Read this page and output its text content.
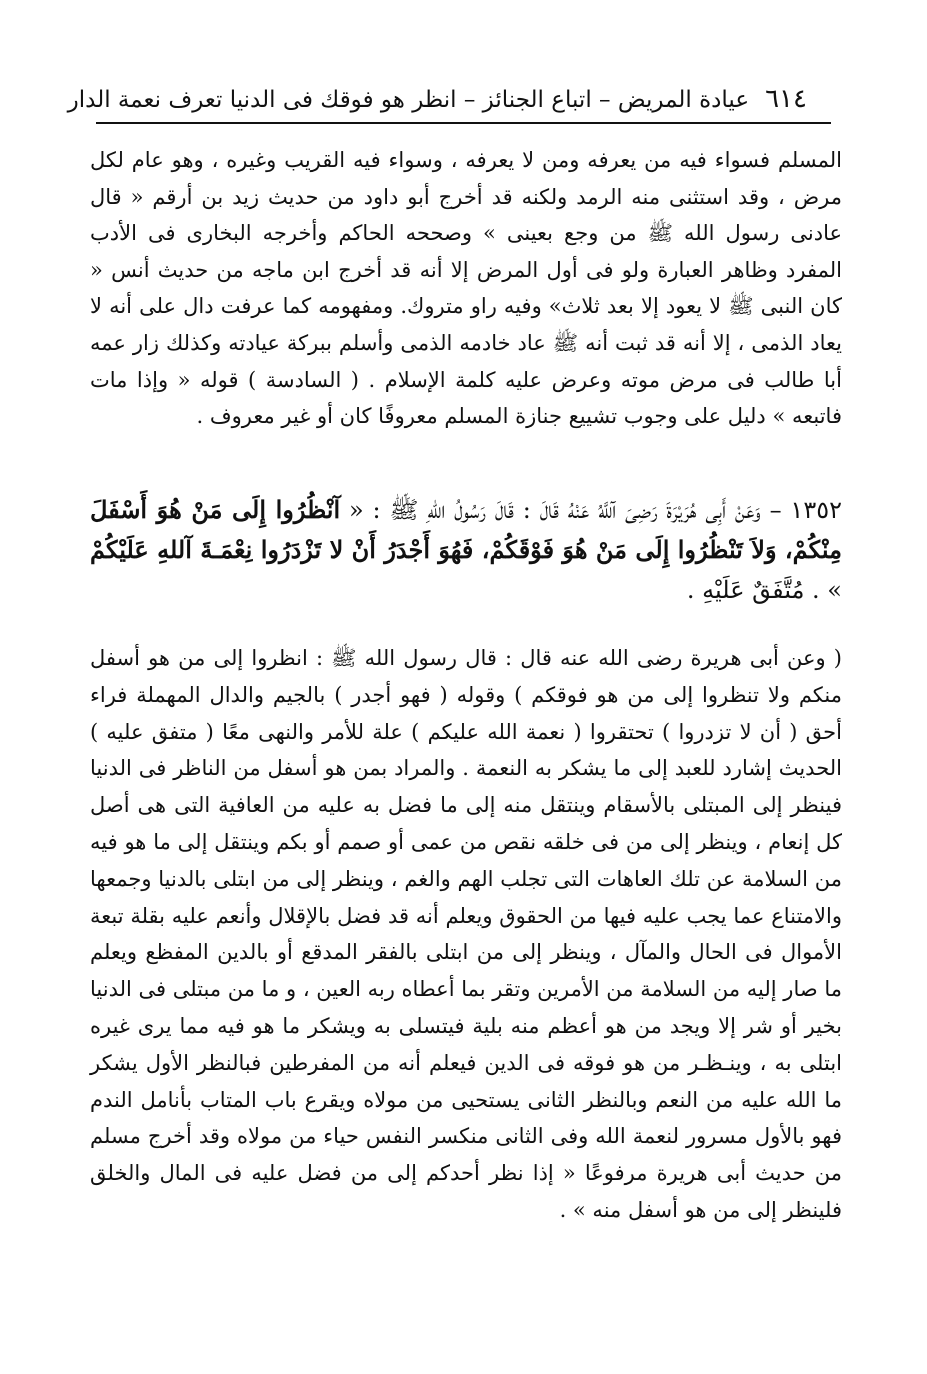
٦١٤
عيادة المريض – اتباع الجنائز – انظر هو فوقك فى الدنيا تعرف نعمة الدار

المسلم فسواء فيه من يعرفه ومن لا يعرفه ، وسواء فيه القريب وغيره ، وهو عام لكل مرض ، وقد استثنى منه الرمد ولكنه قد أخرج أبو داود من حديث زيد بن أرقم « قال عادنى رسول الله ﷺ من وجع بعينى » وصححه الحاكم وأخرجه البخارى فى الأدب المفرد وظاهر العبارة ولو فى أول المرض إلا أنه قد أخرج ابن ماجه من حديث أنس « كان النبى ﷺ لا يعود إلا بعد ثلاث» وفيه راو متروك. ومفهومه كما عرفت دال على أنه لا يعاد الذمى ، إلا أنه قد ثبت أنه ﷺ عاد خادمه الذمى وأسلم ببركة عيادته وكذلك زار عمه أبا طالب فى مرض موته وعرض عليه كلمة الإسلام . ( السادسة ) قوله « وإذا مات فاتبعه » دليل على وجوب تشييع جنازة المسلم معروفًا كان أو غير معروف .

١٣٥٢ – وَعَنْ أَبِى هُرَيْرَةَ رَضِىَ آللَّهُ عَنْهُ قَالَ : قَالَ رَسُولُ اللهِ ﷺ : « آنْظُرُوا إِلَى مَنْ هُوَ أَسْفَلَ مِنْكُمْ، وَلاَ تَنْظُرُوا إِلَى مَنْ هُوَ فَوْقَكُمْ، فَهُوَ أَجْدَرُ أَنْ لا تَزْدَرُوا نِعْمَـةَ آللهِ عَلَيْكُمْ » . مُتَّفَقٌ عَلَيْهِ .

( وعن أبى هريرة رضى الله عنه قال : قال رسول الله ﷺ : انظروا إلى من هو أسفل منكم ولا تنظروا إلى من هو فوقكم ) وقوله ( فهو أجدر ) بالجيم والدال المهملة فراء أحق ( أن لا تزدروا ) تحتقروا ( نعمة الله عليكم ) علة للأمر والنهى معًا ( متفق عليه ) الحديث إشارد للعبد إلى ما يشكر به النعمة . والمراد بمن هو أسفل من الناظر فى الدنيا فينظر إلى المبتلى بالأسقام وينتقل منه إلى ما فضل به عليه من العافية التى هى أصل كل إنعام ، وينظر إلى من فى خلقه نقص من عمى أو صمم أو بكم وينتقل إلى ما هو فيه من السلامة عن تلك العاهات التى تجلب الهم والغم ، وينظر إلى من ابتلى بالدنيا وجمعها والامتناع عما يجب عليه فيها من الحقوق ويعلم أنه قد فضل بالإقلال وأنعم عليه بقلة تبعة الأموال فى الحال والمآل ، وينظر إلى من ابتلى بالفقر المدقع أو بالدين المفظع ويعلم ما صار إليه من السلامة من الأمرين وتقر بما أعطاه ربه العين ، و ما من مبتلى فى الدنيا بخير أو شر إلا ويجد من هو أعظم منه بلية فيتسلى به ويشكر ما هو فيه مما يرى غيره ابتلى به ، وينـظـر من هو فوقه فى الدين فيعلم أنه من المفرطين فبالنظر الأول يشكر ما الله عليه من النعم وبالنظر الثانى يستحيى من مولاه ويقرع باب المتاب بأنامل الندم فهو بالأول مسرور لنعمة الله وفى الثانى منكسر النفس حياء من مولاه وقد أخرج مسلم من حديث أبى هريرة مرفوعًا « إذا نظر أحدكم إلى من فضل عليه فى المال والخلق فلينظر إلى من هو أسفل منه » .
